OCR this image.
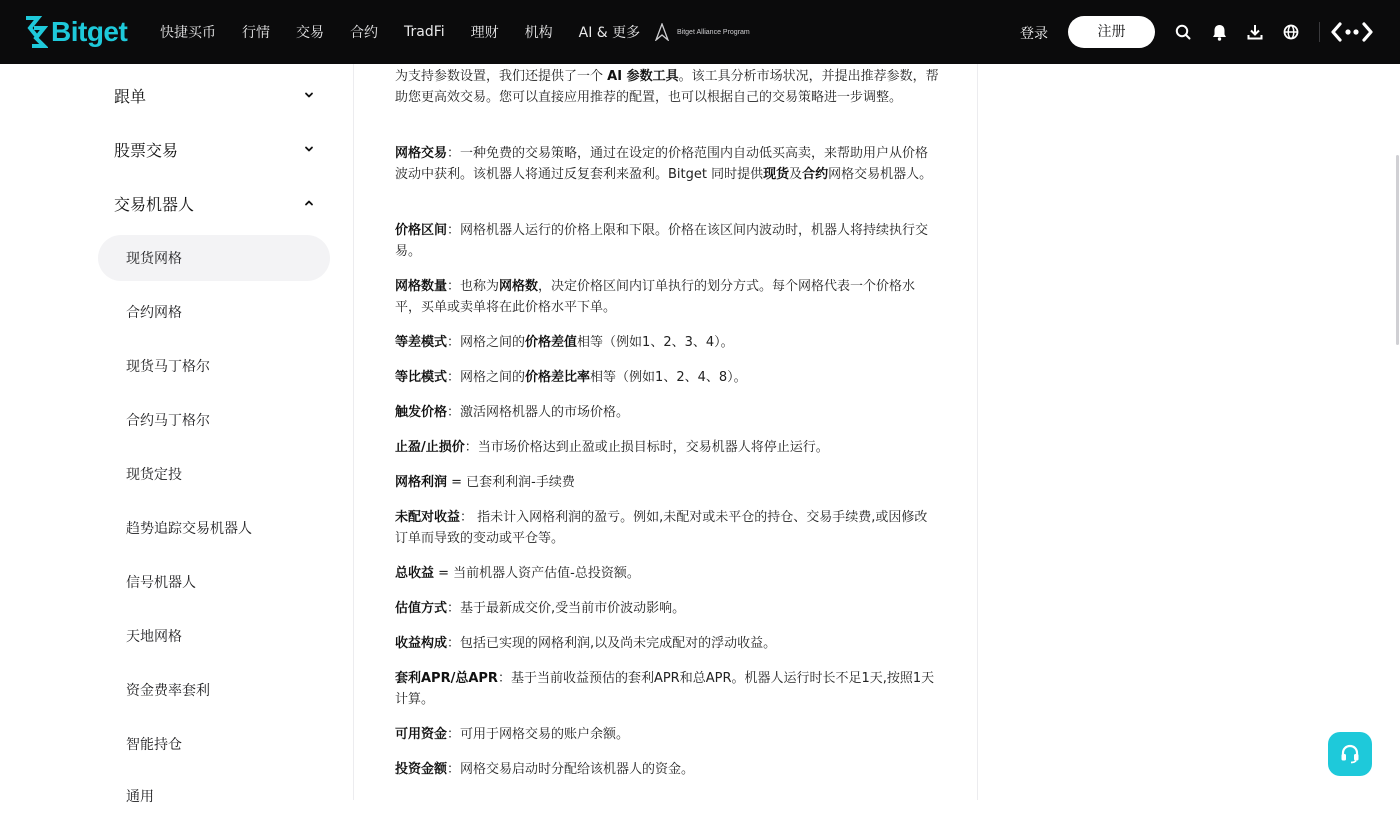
Bitget 快捷买币 行情 交易 合约 TradFi 理财 机构 AI & 更多	Bitget Alliance Program	登录	注册
跟单
股票交易
交易机器人
现货网格
合约网格
现货马丁格尔
合约马丁格尔
现货定投
趋势追踪交易机器人
信号机器人
天地网格
资金费率套利
智能持仓
通用

为支持参数设置，我们还提供了一个 AI 参数工具。该工具分析市场状况，并提出推荐参数，帮助您更高效交易。您可以直接应用推荐的配置，也可以根据自己的交易策略进一步调整。

网格交易：一种免费的交易策略，通过在设定的价格范围内自动低买高卖，来帮助用户从价格波动中获利。该机器人将通过反复套利来盈利。Bitget 同时提供现货及合约网格交易机器人。

价格区间：网格机器人运行的价格上限和下限。价格在该区间内波动时，机器人将持续执行交易。

网格数量：也称为网格数，决定价格区间内订单执行的划分方式。每个网格代表一个价格水平，买单或卖单将在此价格水平下单。

等差模式：网格之间的价格差值相等（例如1、2、3、4）。

等比模式：网格之间的价格差比率相等（例如1、2、4、8）。

触发价格：激活网格机器人的市场价格。

止盈/止损价：当市场价格达到止盈或止损目标时，交易机器人将停止运行。

网格利润 = 已套利利润-手续费

未配对收益： 指未计入网格利润的盈亏。例如,未配对或未平仓的持仓、交易手续费,或因修改订单而导致的变动或平仓等。

总收益 = 当前机器人资产估值-总投资额。

估值方式：基于最新成交价,受当前市价波动影响。

收益构成：包括已实现的网格利润,以及尚未完成配对的浮动收益。

套利APR/总APR：基于当前收益预估的套利APR和总APR。机器人运行时长不足1天,按照1天计算。

可用资金：可用于网格交易的账户余额。

投资金额：网格交易启动时分配给该机器人的资金。
